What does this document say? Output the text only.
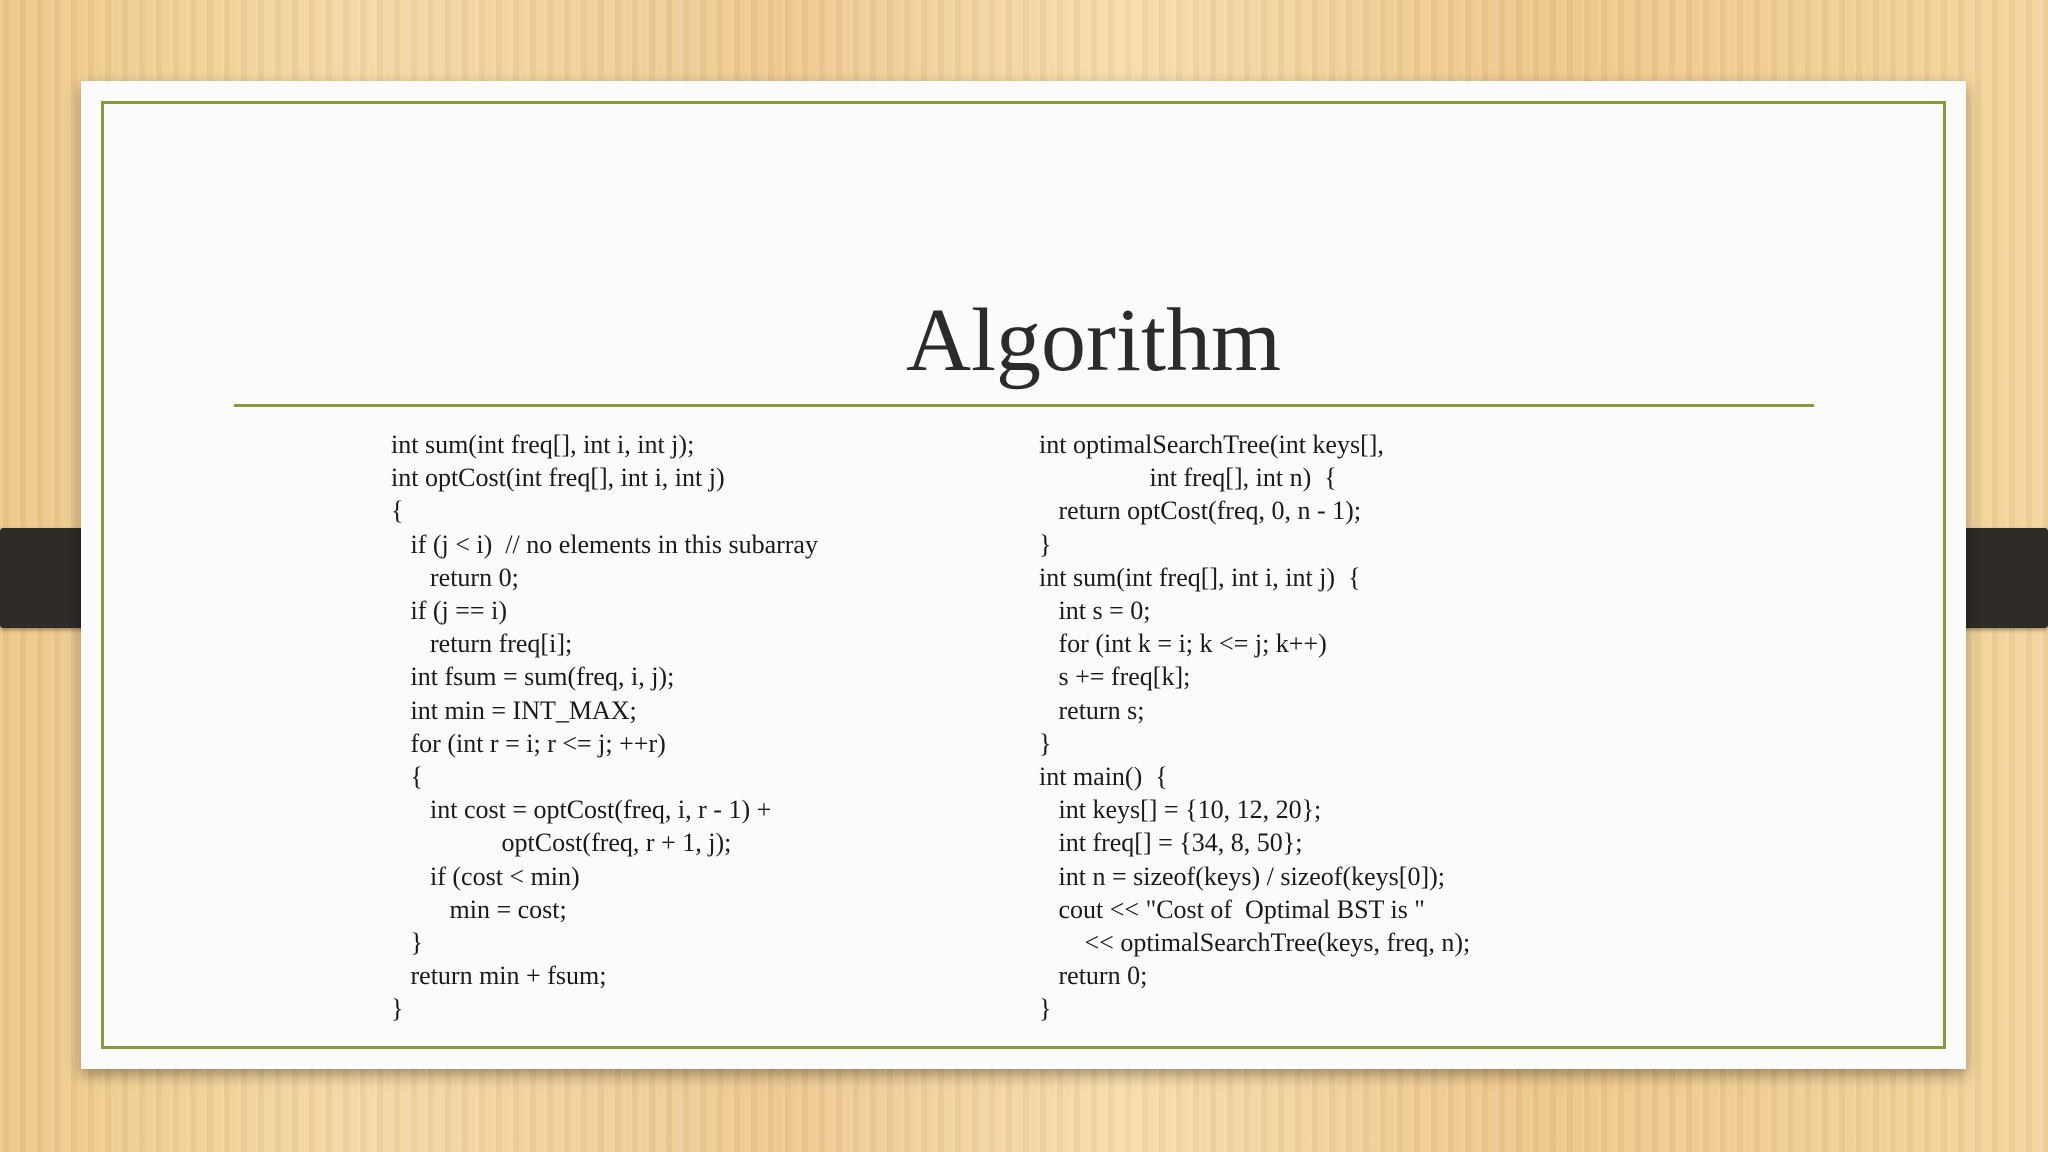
Algorithm
int sum(int freq[], int i, int j);
int optCost(int freq[], int i, int j)
{
if (j < i)  // no elements in this subarray
return 0;
if (j == i)
return freq[i];
int fsum = sum(freq, i, j);
int min = INT_MAX;
for (int r = i; r <= j; ++r)
{
int cost = optCost(freq, i, r - 1) +
optCost(freq, r + 1, j);
if (cost < min)
min = cost;
}
return min + fsum;
}
int optimalSearchTree(int keys[],
int freq[], int n)  {
return optCost(freq, 0, n - 1);
}
int sum(int freq[], int i, int j)  {
int s = 0;
for (int k = i; k <= j; k++)
s += freq[k];
return s;
}
int main()  {
int keys[] = {10, 12, 20};
int freq[] = {34, 8, 50};
int n = sizeof(keys) / sizeof(keys[0]);
cout << "Cost of  Optimal BST is "
<< optimalSearchTree(keys, freq, n);
return 0;
}
